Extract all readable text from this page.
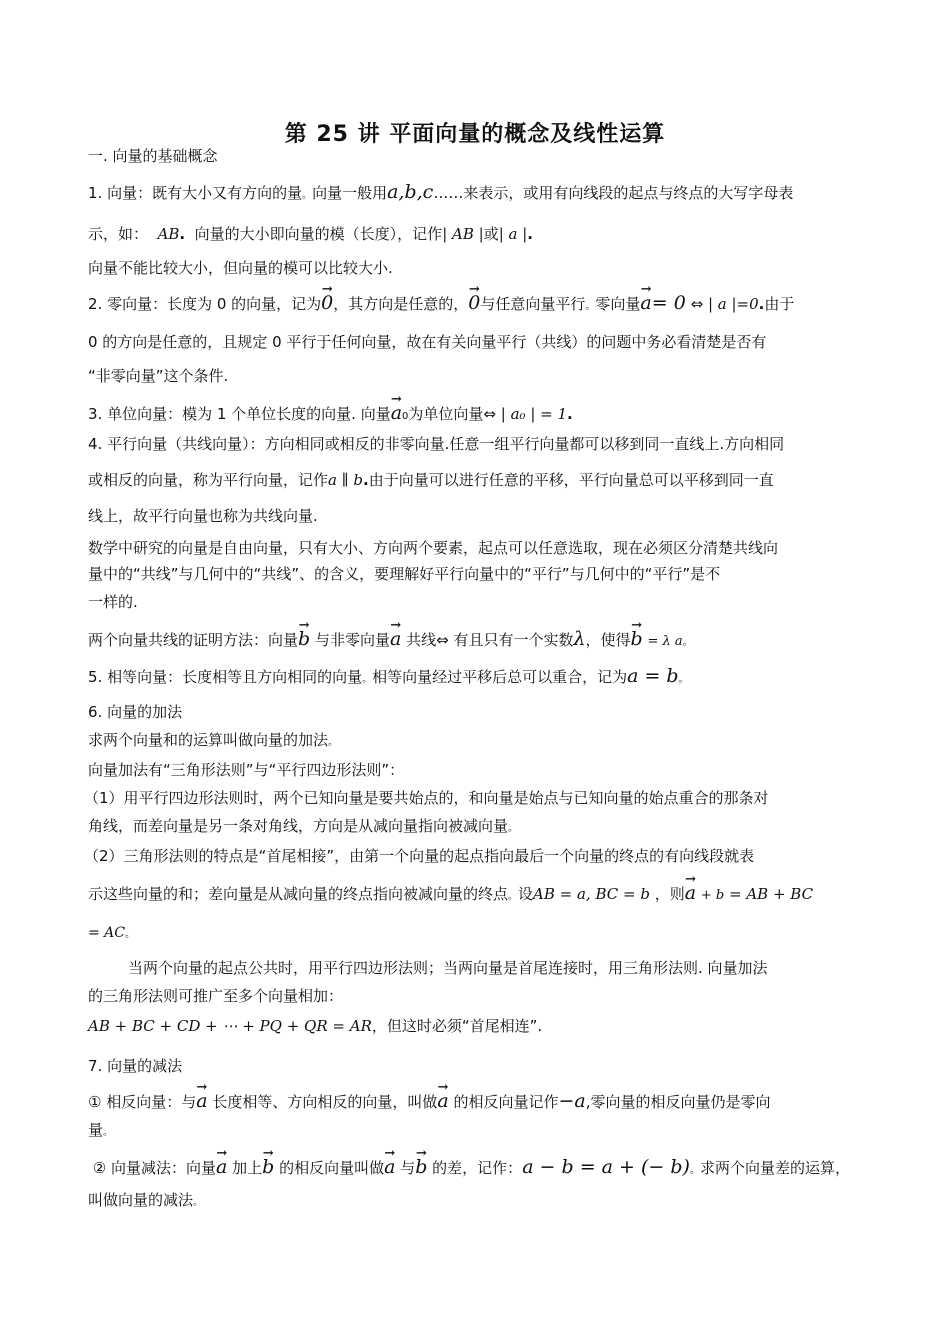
第 25 讲 平面向量的概念及线性运算
一. 向量的基础概念
1. 向量：既有大小又有方向的量。向量一般用a,b,c……来表示，或用有向线段的起点与终点的大写字母表
示，如： AB. 向量的大小即向量的模（长度），记作| AB |或| a |.
向量不能比较大小，但向量的模可以比较大小.
2. 零向量：长度为 0 的向量，记为→ 0，其方向是任意的，→ 0与任意向量平行。零向量→ a= 0 ⇔ | a |=0.由于
0 的方向是任意的，且规定 0 平行于任何向量，故在有关向量平行（共线）的问题中务必看清楚是否有
“非零向量”这个条件.
3. 单位向量：模为 1 个单位长度的向量. 向量→ a0为单位向量⇔ | a₀ | = 1.
4. 平行向量（共线向量）：方向相同或相反的非零向量.任意一组平行向量都可以移到同一直线上.方向相同
或相反的向量，称为平行向量，记作a ∥ b.由于向量可以进行任意的平移，平行向量总可以平移到同一直
线上，故平行向量也称为共线向量.
数学中研究的向量是自由向量，只有大小、方向两个要素，起点可以任意选取，现在必须区分清楚共线向
量中的“共线”与几何中的“共线”、的含义，要理解好平行向量中的“平行”与几何中的“平行”是不
一样的.
两个向量共线的证明方法：向量→ b 与非零向量→ a 共线⇔ 有且只有一个实数λ，使得→ b = λ a。
5. 相等向量：长度相等且方向相同的向量。相等向量经过平移后总可以重合，记为a = b。
6. 向量的加法
求两个向量和的运算叫做向量的加法。
向量加法有“三角形法则”与“平行四边形法则”：
（1）用平行四边形法则时，两个已知向量是要共始点的，和向量是始点与已知向量的始点重合的那条对
角线，而差向量是另一条对角线，方向是从减向量指向被减向量。
（2）三角形法则的特点是“首尾相接”，由第一个向量的起点指向最后一个向量的终点的有向线段就表
示这些向量的和；差向量是从减向量的终点指向被减向量的终点。设AB = a, BC = b ，则→ a + b = AB + BC
= AC。
当两个向量的起点公共时，用平行四边形法则；当两向量是首尾连接时，用三角形法则. 向量加法
的三角形法则可推广至多个向量相加：
AB + BC + CD + ⋯ + PQ + QR = AR，但这时必须“首尾相连”.
7. 向量的减法
① 相反向量：与→ a 长度相等、方向相反的向量，叫做→ a 的相反向量记作−a,零向量的相反向量仍是零向
量。
② 向量减法：向量→ a 加上→ b 的相反向量叫做→ a 与→ b 的差，记作：a − b = a + (− b)。求两个向量差的运算，
叫做向量的减法。
